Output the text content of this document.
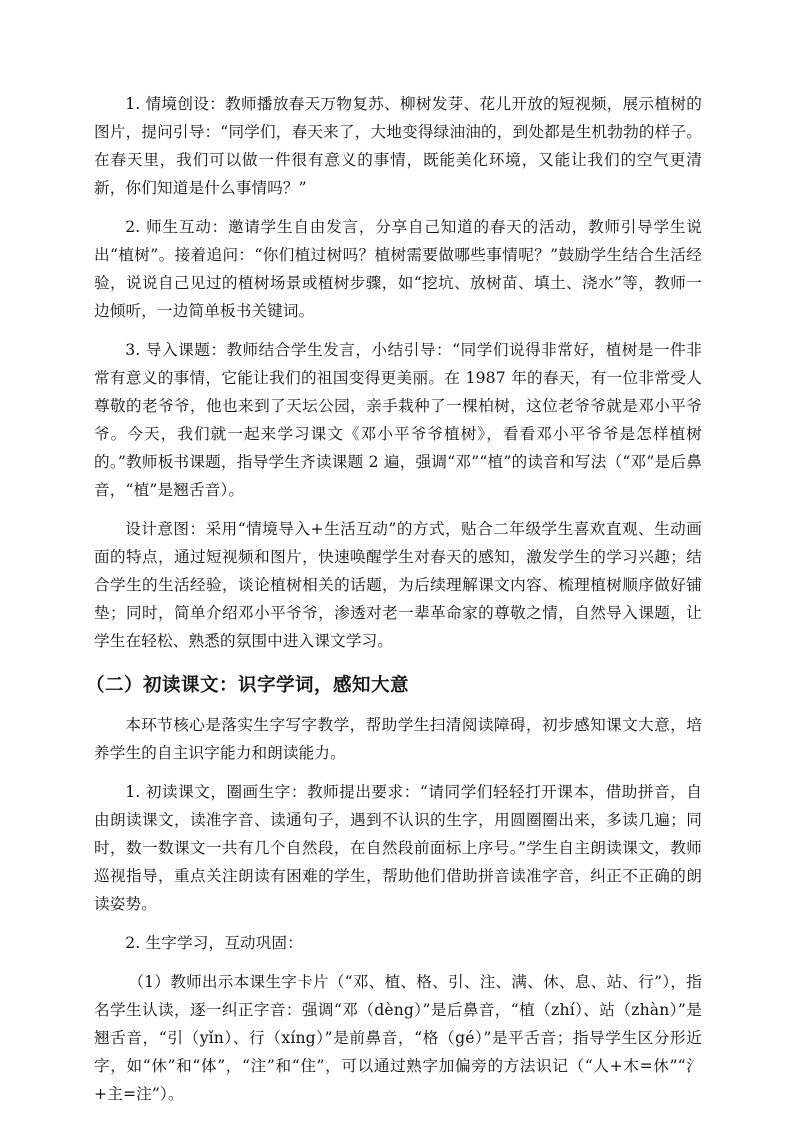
1. 情境创设：教师播放春天万物复苏、柳树发芽、花儿开放的短视频，展示植树的图片，提问引导：“同学们，春天来了，大地变得绿油油的，到处都是生机勃勃的样子。在春天里，我们可以做一件很有意义的事情，既能美化环境，又能让我们的空气更清新，你们知道是什么事情吗？”

2. 师生互动：邀请学生自由发言，分享自己知道的春天的活动，教师引导学生说出“植树”。接着追问：“你们植过树吗？植树需要做哪些事情呢？”鼓励学生结合生活经验，说说自己见过的植树场景或植树步骤，如“挖坑、放树苗、填土、浇水”等，教师一边倾听，一边简单板书关键词。

3. 导入课题：教师结合学生发言，小结引导：“同学们说得非常好，植树是一件非常有意义的事情，它能让我们的祖国变得更美丽。在 1987 年的春天，有一位非常受人尊敬的老爷爷，他也来到了天坛公园，亲手栽种了一棵柏树，这位老爷爷就是邓小平爷爷。今天，我们就一起来学习课文《邓小平爷爷植树》，看看邓小平爷爷是怎样植树的。”教师板书课题，指导学生齐读课题 2 遍，强调“邓”“植”的读音和写法（“邓”是后鼻音，“植”是翘舌音）。

设计意图：采用“情境导入+生活互动”的方式，贴合二年级学生喜欢直观、生动画面的特点，通过短视频和图片，快速唤醒学生对春天的感知，激发学生的学习兴趣；结合学生的生活经验，谈论植树相关的话题，为后续理解课文内容、梳理植树顺序做好铺垫；同时，简单介绍邓小平爷爷，渗透对老一辈革命家的尊敬之情，自然导入课题，让学生在轻松、熟悉的氛围中进入课文学习。

（二）初读课文：识字学词，感知大意

本环节核心是落实生字写字教学，帮助学生扫清阅读障碍，初步感知课文大意，培养学生的自主识字能力和朗读能力。

1. 初读课文，圈画生字：教师提出要求：“请同学们轻轻打开课本，借助拼音，自由朗读课文，读准字音、读通句子，遇到不认识的生字，用圆圈圈出来，多读几遍；同时，数一数课文一共有几个自然段，在自然段前面标上序号。”学生自主朗读课文，教师巡视指导，重点关注朗读有困难的学生，帮助他们借助拼音读准字音，纠正不正确的朗读姿势。

2. 生字学习，互动巩固：

（1）教师出示本课生字卡片（“邓、植、格、引、注、满、休、息、站、行”），指名学生认读，逐一纠正字音：强调“邓（dèng）”是后鼻音，“植（zhí）、站（zhàn）”是翘舌音，“引（yǐn）、行（xíng）”是前鼻音，“格（gé）”是平舌音；指导学生区分形近字，如“休”和“体”，“注”和“住”，可以通过熟字加偏旁的方法识记（“人+木=休”“氵+主=注”）。
